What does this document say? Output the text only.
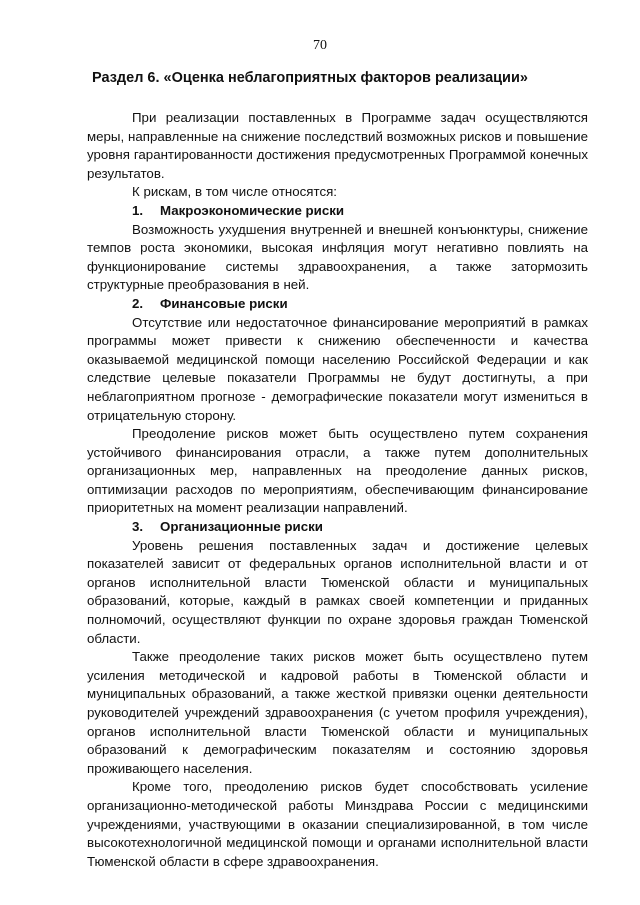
70
Раздел 6. «Оценка неблагоприятных факторов реализации»

При реализации поставленных в Программе задач осуществляются меры, направленные на снижение последствий возможных рисков и повышение уровня гарантированности достижения предусмотренных Программой конечных результатов.

К рискам, в том числе относятся:

1.	Макроэкономические риски

Возможность ухудшения внутренней и внешней конъюнктуры, снижение темпов роста экономики, высокая инфляция могут негативно повлиять на функционирование системы здравоохранения, а также затормозить структурные преобразования в ней.

2.	Финансовые риски

Отсутствие или недостаточное финансирование мероприятий в рамках программы может привести к снижению обеспеченности и качества оказываемой медицинской помощи населению Российской Федерации и как следствие целевые показатели Программы не будут достигнуты, а при неблагоприятном прогнозе - демографические показатели могут измениться в отрицательную сторону.

Преодоление рисков может быть осуществлено путем сохранения устойчивого финансирования отрасли, а также путем дополнительных организационных мер, направленных на преодоление данных рисков, оптимизации расходов по мероприятиям, обеспечивающим финансирование приоритетных на момент реализации направлений.

3.	Организационные риски

Уровень решения поставленных задач и достижение целевых показателей зависит от федеральных органов исполнительной власти и от органов исполнительной власти Тюменской области и муниципальных образований, которые, каждый в рамках своей компетенции и приданных полномочий, осуществляют функции по охране здоровья граждан Тюменской области.

Также преодоление таких рисков может быть осуществлено путем усиления методической и кадровой работы в Тюменской области и муниципальных образований, а также жесткой привязки оценки деятельности руководителей учреждений здравоохранения (с учетом профиля учреждения), органов исполнительной власти Тюменской области и муниципальных образований к демографическим показателям и состоянию здоровья проживающего населения.

Кроме того, преодолению рисков будет способствовать усиление организационно-методической работы Минздрава России с медицинскими учреждениями, участвующими в оказании специализированной, в том числе высокотехнологичной медицинской помощи и органами исполнительной власти Тюменской области в сфере здравоохранения.
